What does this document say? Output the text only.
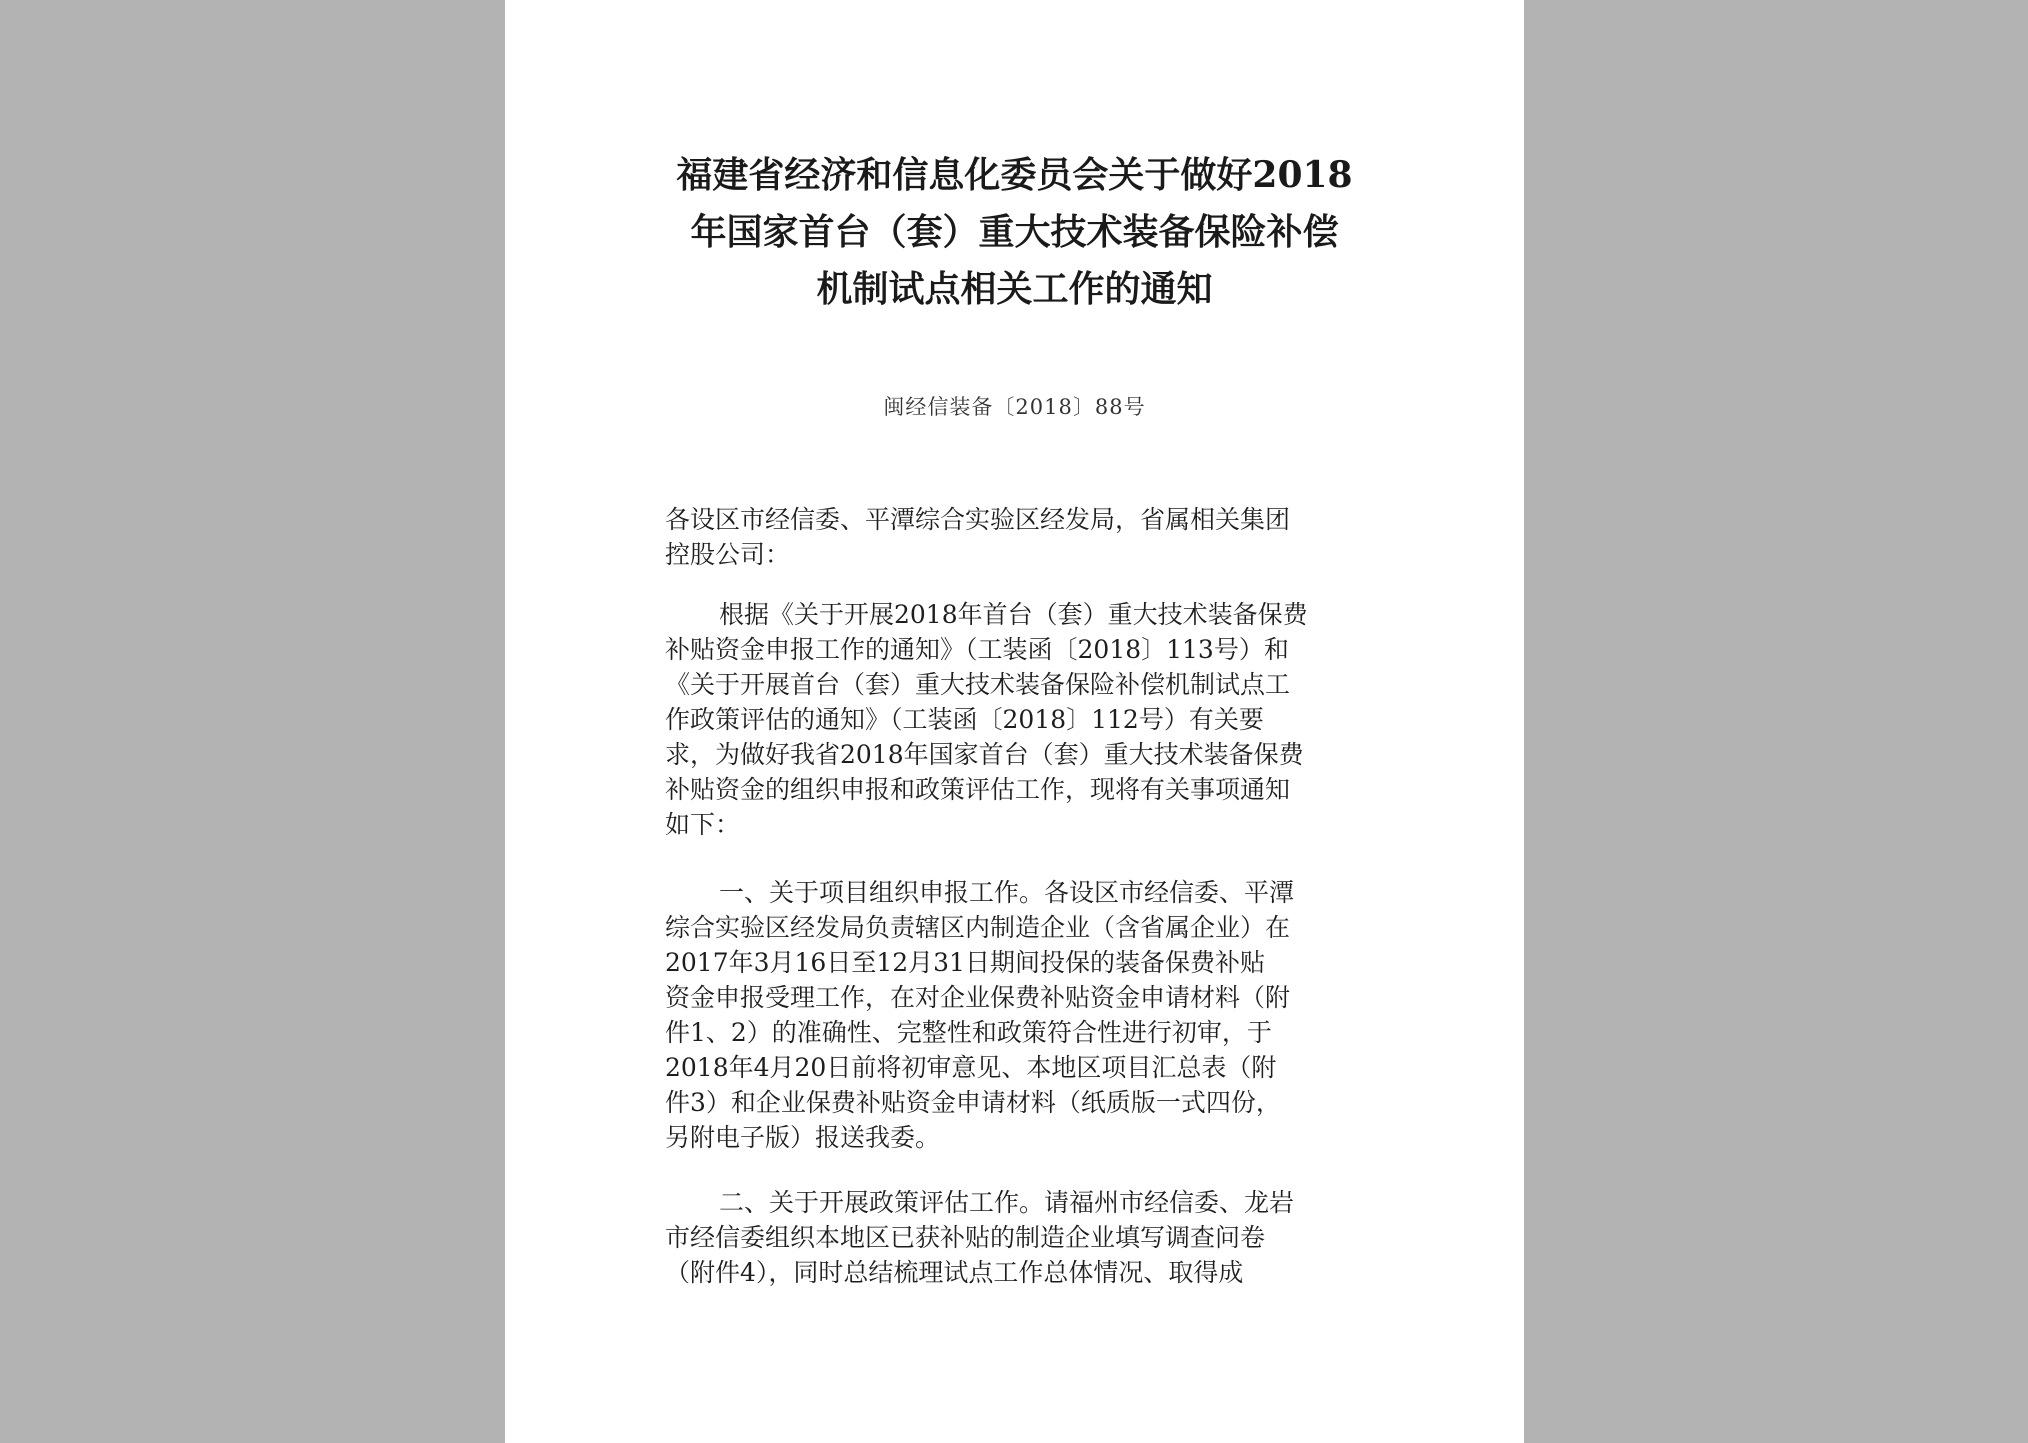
福建省经济和信息化委员会关于做好2018
年国家首台（套）重大技术装备保险补偿
机制试点相关工作的通知
闽经信装备〔2018〕88号
各设区市经信委、平潭综合实验区经发局，省属相关集团
控股公司：
根据《关于开展2018年首台（套）重大技术装备保费
补贴资金申报工作的通知》（工装函〔2018〕113号）和
《关于开展首台（套）重大技术装备保险补偿机制试点工
作政策评估的通知》（工装函〔2018〕112号）有关要
求，为做好我省2018年国家首台（套）重大技术装备保费
补贴资金的组织申报和政策评估工作，现将有关事项通知
如下：
一、关于项目组织申报工作。各设区市经信委、平潭
综合实验区经发局负责辖区内制造企业（含省属企业）在
2017年3月16日至12月31日期间投保的装备保费补贴
资金申报受理工作，在对企业保费补贴资金申请材料（附
件1、2）的准确性、完整性和政策符合性进行初审，于
2018年4月20日前将初审意见、本地区项目汇总表（附
件3）和企业保费补贴资金申请材料（纸质版一式四份，
另附电子版）报送我委。
二、关于开展政策评估工作。请福州市经信委、龙岩
市经信委组织本地区已获补贴的制造企业填写调查问卷
（附件4），同时总结梳理试点工作总体情况、取得成
